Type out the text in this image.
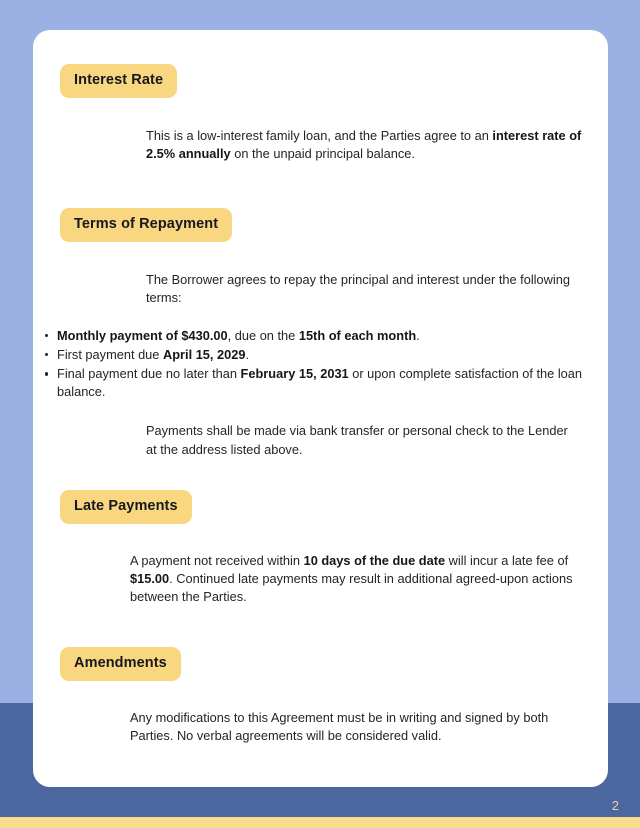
Interest Rate

This is a low-interest family loan, and the Parties agree to an interest rate of 2.5% annually on the unpaid principal balance.

Terms of Repayment

The Borrower agrees to repay the principal and interest under the following terms:

Monthly payment of $430.00, due on the 15th of each month.
First payment due April 15, 2029.
Final payment due no later than February 15, 2031 or upon complete satisfaction of the loan balance.

Payments shall be made via bank transfer or personal check to the Lender at the address listed above.

Late Payments

A payment not received within 10 days of the due date will incur a late fee of $15.00. Continued late payments may result in additional agreed-upon actions between the Parties.

Amendments

Any modifications to this Agreement must be in writing and signed by both Parties. No verbal agreements will be considered valid.

2
